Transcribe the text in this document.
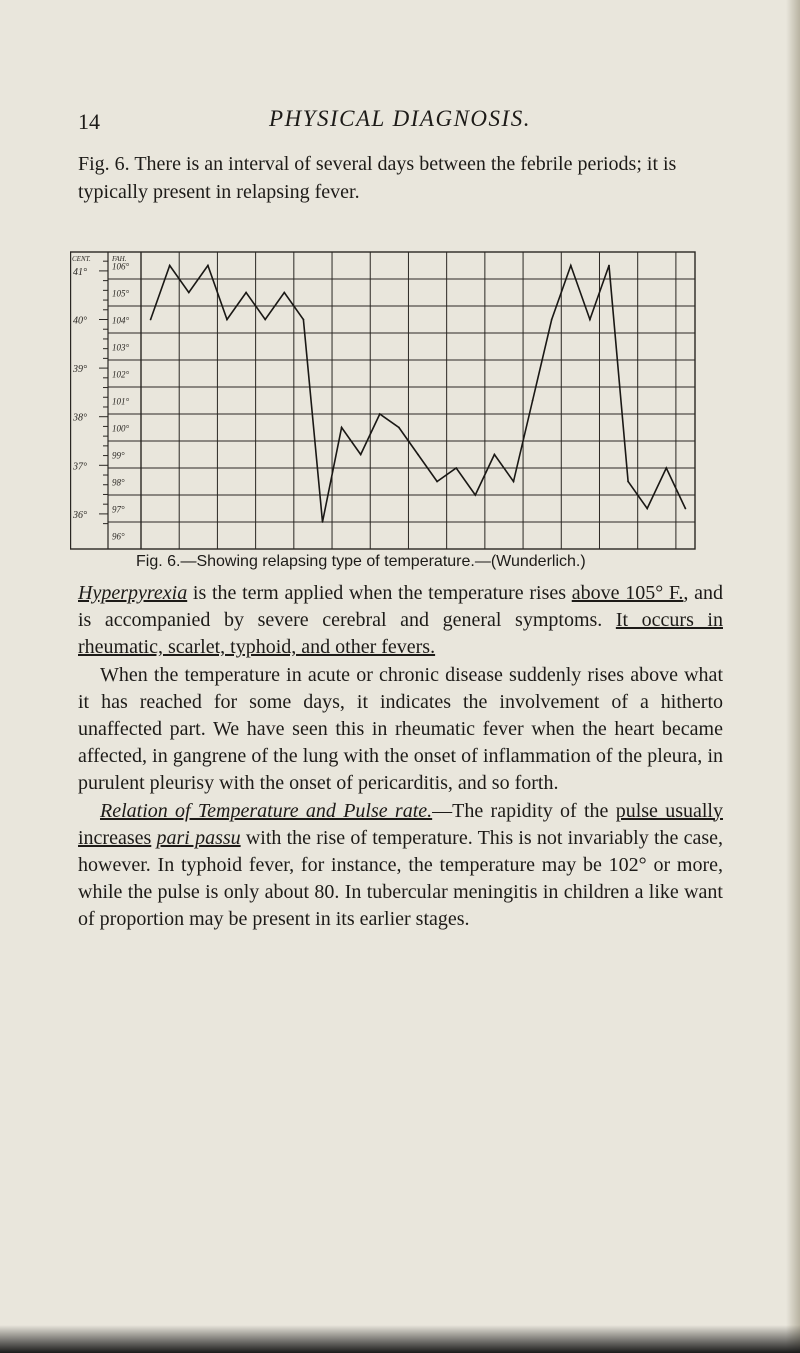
14	PHYSICAL DIAGNOSIS.
Fig. 6. There is an interval of several days between the febrile periods; it is typically present in relapsing fever.
106°
105°
104°
103°
102°
101°
100°
99°
98°
97°
96°
FAH.
CENT.
41°
40°
39°
38°
37°
36°
Fig. 6.—Showing relapsing type of temperature.—(Wunderlich.)

Hyperpyrexia is the term applied when the temperature rises above 105° F., and is accompanied by severe cerebral and general symptoms. It occurs in rheumatic, scarlet, typhoid, and other fevers.

When the temperature in acute or chronic disease suddenly rises above what it has reached for some days, it indicates the involvement of a hitherto unaffected part. We have seen this in rheumatic fever when the heart became affected, in gangrene of the lung with the onset of inflammation of the pleura, in purulent pleurisy with the onset of pericarditis, and so forth.

Relation of Temperature and Pulse rate.—The rapidity of the pulse usually increases pari passu with the rise of temperature. This is not invariably the case, however. In typhoid fever, for instance, the temperature may be 102° or more, while the pulse is only about 80. In tubercular meningitis in children a like want of proportion may be present in its earlier stages.
